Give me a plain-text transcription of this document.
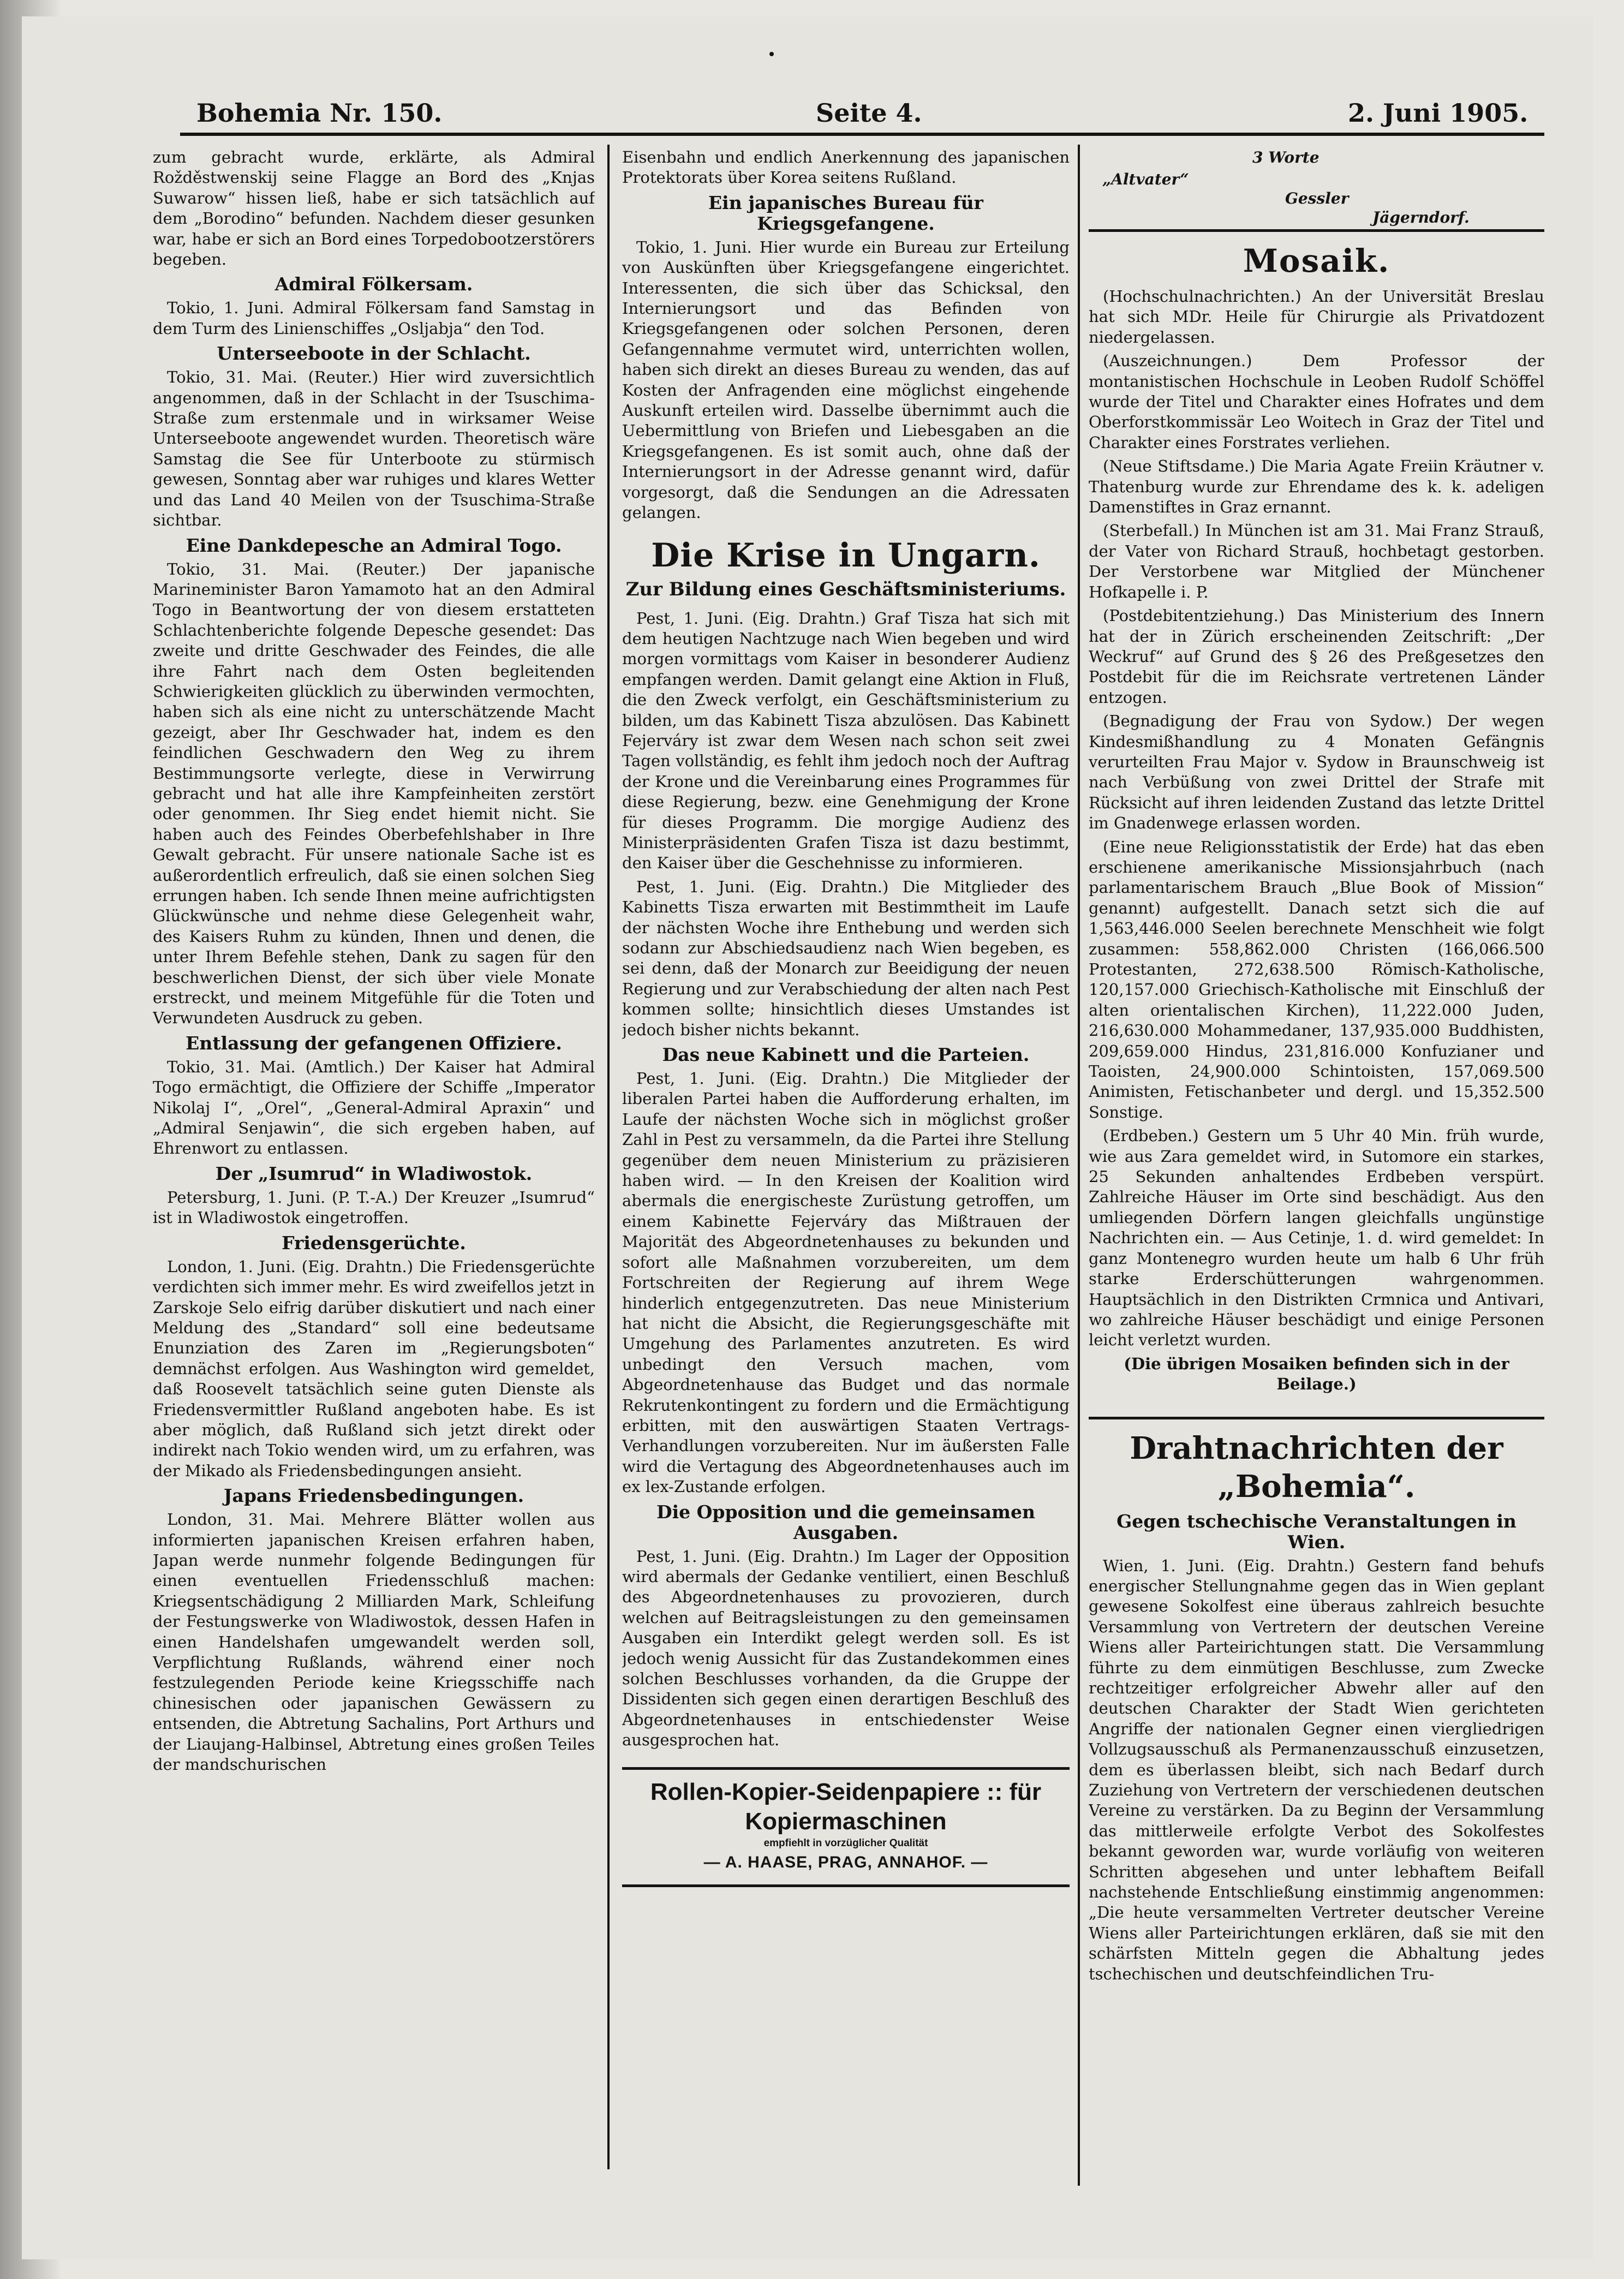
Bohemia Nr. 150.	Seite 4.	2. Juni 1905.

zum gebracht wurde, erklärte, als Admiral Rožděstwenskij seine Flagge an Bord des „Knjas Suwarow“ hissen ließ, habe er sich tatsächlich auf dem „Borodino“ befunden. Nachdem dieser gesunken war, habe er sich an Bord eines Torpedobootzerstörers begeben.

Admiral Fölkersam.

Tokio, 1. Juni. Admiral Fölkersam fand Samstag in dem Turm des Linienschiffes „Osljabja“ den Tod.

Unterseeboote in der Schlacht.

Tokio, 31. Mai. (Reuter.) Hier wird zuversichtlich angenommen, daß in der Schlacht in der Tsuschima-Straße zum erstenmale und in wirksamer Weise Unterseeboote angewendet wurden. Theoretisch wäre Samstag die See für Unterboote zu stürmisch gewesen, Sonntag aber war ruhiges und klares Wetter und das Land 40 Meilen von der Tsuschima-Straße sichtbar.

Eine Dankdepesche an Admiral Togo.

Tokio, 31. Mai. (Reuter.) Der japanische Marineminister Baron Yamamoto hat an den Admiral Togo in Beantwortung der von diesem erstatteten Schlachtenberichte folgende Depesche gesendet: Das zweite und dritte Geschwader des Feindes, die alle ihre Fahrt nach dem Osten begleitenden Schwierigkeiten glücklich zu überwinden vermochten, haben sich als eine nicht zu unterschätzende Macht gezeigt, aber Ihr Geschwader hat, indem es den feindlichen Geschwadern den Weg zu ihrem Bestimmungsorte verlegte, diese in Verwirrung gebracht und hat alle ihre Kampfeinheiten zerstört oder genommen. Ihr Sieg endet hiemit nicht. Sie haben auch des Feindes Oberbefehlshaber in Ihre Gewalt gebracht. Für unsere nationale Sache ist es außerordentlich erfreulich, daß sie einen solchen Sieg errungen haben. Ich sende Ihnen meine aufrichtigsten Glückwünsche und nehme diese Gelegenheit wahr, des Kaisers Ruhm zu künden, Ihnen und denen, die unter Ihrem Befehle stehen, Dank zu sagen für den beschwerlichen Dienst, der sich über viele Monate erstreckt, und meinem Mitgefühle für die Toten und Verwundeten Ausdruck zu geben.

Entlassung der gefangenen Offiziere.

Tokio, 31. Mai. (Amtlich.) Der Kaiser hat Admiral Togo ermächtigt, die Offiziere der Schiffe „Imperator Nikolaj I“, „Orel“, „General-Admiral Apraxin“ und „Admiral Senjawin“, die sich ergeben haben, auf Ehrenwort zu entlassen.

Der „Isumrud“ in Wladiwostok.

Petersburg, 1. Juni. (P. T.-A.) Der Kreuzer „Isumrud“ ist in Wladiwostok eingetroffen.

Friedensgerüchte.

London, 1. Juni. (Eig. Drahtn.) Die Friedensgerüchte verdichten sich immer mehr. Es wird zweifellos jetzt in Zarskoje Selo eifrig darüber diskutiert und nach einer Meldung des „Standard“ soll eine bedeutsame Enunziation des Zaren im „Regierungsboten“ demnächst erfolgen. Aus Washington wird gemeldet, daß Roosevelt tatsächlich seine guten Dienste als Friedensvermittler Rußland angeboten habe. Es ist aber möglich, daß Rußland sich jetzt direkt oder indirekt nach Tokio wenden wird, um zu erfahren, was der Mikado als Friedensbedingungen ansieht.

Japans Friedensbedingungen.

London, 31. Mai. Mehrere Blätter wollen aus informierten japanischen Kreisen erfahren haben, Japan werde nunmehr folgende Bedingungen für einen eventuellen Friedensschluß machen: Kriegsentschädigung 2 Milliarden Mark, Schleifung der Festungswerke von Wladiwostok, dessen Hafen in einen Handelshafen umgewandelt werden soll, Verpflichtung Rußlands, während einer noch festzulegenden Periode keine Kriegsschiffe nach chinesischen oder japanischen Gewässern zu entsenden, die Abtretung Sachalins, Port Arthurs und der Liaujang-Halbinsel, Abtretung eines großen Teiles der mandschurischen

Eisenbahn und endlich Anerkennung des japanischen Protektorats über Korea seitens Rußland.

Ein japanisches Bureau für Kriegsgefangene.

Tokio, 1. Juni. Hier wurde ein Bureau zur Erteilung von Auskünften über Kriegsgefangene eingerichtet. Interessenten, die sich über das Schicksal, den Internierungsort und das Befinden von Kriegsgefangenen oder solchen Personen, deren Gefangennahme vermutet wird, unterrichten wollen, haben sich direkt an dieses Bureau zu wenden, das auf Kosten der Anfragenden eine möglichst eingehende Auskunft erteilen wird. Dasselbe übernimmt auch die Uebermittlung von Briefen und Liebesgaben an die Kriegsgefangenen. Es ist somit auch, ohne daß der Internierungsort in der Adresse genannt wird, dafür vorgesorgt, daß die Sendungen an die Adressaten gelangen.

Die Krise in Ungarn.
Zur Bildung eines Geschäftsministeriums.

Pest, 1. Juni. (Eig. Drahtn.) Graf Tisza hat sich mit dem heutigen Nachtzuge nach Wien begeben und wird morgen vormittags vom Kaiser in besonderer Audienz empfangen werden. Damit gelangt eine Aktion in Fluß, die den Zweck verfolgt, ein Geschäftsministerium zu bilden, um das Kabinett Tisza abzulösen. Das Kabinett Fejerváry ist zwar dem Wesen nach schon seit zwei Tagen vollständig, es fehlt ihm jedoch noch der Auftrag der Krone und die Vereinbarung eines Programmes für diese Regierung, bezw. eine Genehmigung der Krone für dieses Programm. Die morgige Audienz des Ministerpräsidenten Grafen Tisza ist dazu bestimmt, den Kaiser über die Geschehnisse zu informieren.

Pest, 1. Juni. (Eig. Drahtn.) Die Mitglieder des Kabinetts Tisza erwarten mit Bestimmtheit im Laufe der nächsten Woche ihre Enthebung und werden sich sodann zur Abschiedsaudienz nach Wien begeben, es sei denn, daß der Monarch zur Beeidigung der neuen Regierung und zur Verabschiedung der alten nach Pest kommen sollte; hinsichtlich dieses Umstandes ist jedoch bisher nichts bekannt.

Das neue Kabinett und die Parteien.

Pest, 1. Juni. (Eig. Drahtn.) Die Mitglieder der liberalen Partei haben die Aufforderung erhalten, im Laufe der nächsten Woche sich in möglichst großer Zahl in Pest zu versammeln, da die Partei ihre Stellung gegenüber dem neuen Ministerium zu präzisieren haben wird. — In den Kreisen der Koalition wird abermals die energischeste Zurüstung getroffen, um einem Kabinette Fejerváry das Mißtrauen der Majorität des Abgeordnetenhauses zu bekunden und sofort alle Maßnahmen vorzubereiten, um dem Fortschreiten der Regierung auf ihrem Wege hinderlich entgegenzutreten. Das neue Ministerium hat nicht die Absicht, die Regierungsgeschäfte mit Umgehung des Parlamentes anzutreten. Es wird unbedingt den Versuch machen, vom Abgeordnetenhause das Budget und das normale Rekrutenkontingent zu fordern und die Ermächtigung erbitten, mit den auswärtigen Staaten Vertrags-Verhandlungen vorzubereiten. Nur im äußersten Falle wird die Vertagung des Abgeordnetenhauses auch im ex lex-Zustande erfolgen.

Die Opposition und die gemeinsamen Ausgaben.

Pest, 1. Juni. (Eig. Drahtn.) Im Lager der Opposition wird abermals der Gedanke ventiliert, einen Beschluß des Abgeordnetenhauses zu provozieren, durch welchen auf Beitragsleistungen zu den gemeinsamen Ausgaben ein Interdikt gelegt werden soll. Es ist jedoch wenig Aussicht für das Zustandekommen eines solchen Beschlusses vorhanden, da die Gruppe der Dissidenten sich gegen einen derartigen Beschluß des Abgeordnetenhauses in entschiedenster Weise ausgesprochen hat.

Rollen-Kopier-Seidenpapiere :: für Kopiermaschinen
empfiehlt in vorzüglicher Qualität
— A. HAASE, PRAG, ANNAHOF. —
3 Worte
„Altvater“
Gessler
Jägerndorf.
Mosaik.

(Hochschulnachrichten.) An der Universität Breslau hat sich MDr. Heile für Chirurgie als Privatdozent niedergelassen.

(Auszeichnungen.) Dem Professor der montanistischen Hochschule in Leoben Rudolf Schöffel wurde der Titel und Charakter eines Hofrates und dem Oberforstkommissär Leo Woitech in Graz der Titel und Charakter eines Forstrates verliehen.

(Neue Stiftsdame.) Die Maria Agate Freiin Kräutner v. Thatenburg wurde zur Ehrendame des k. k. adeligen Damenstiftes in Graz ernannt.

(Sterbefall.) In München ist am 31. Mai Franz Strauß, der Vater von Richard Strauß, hochbetagt gestorben. Der Verstorbene war Mitglied der Münchener Hofkapelle i. P.

(Postdebitentziehung.) Das Ministerium des Innern hat der in Zürich erscheinenden Zeitschrift: „Der Weckruf“ auf Grund des § 26 des Preßgesetzes den Postdebit für die im Reichsrate vertretenen Länder entzogen.

(Begnadigung der Frau von Sydow.) Der wegen Kindesmißhandlung zu 4 Monaten Gefängnis verurteilten Frau Major v. Sydow in Braunschweig ist nach Verbüßung von zwei Drittel der Strafe mit Rücksicht auf ihren leidenden Zustand das letzte Drittel im Gnadenwege erlassen worden.

(Eine neue Religionsstatistik der Erde) hat das eben erschienene amerikanische Missionsjahrbuch (nach parlamentarischem Brauch „Blue Book of Mission“ genannt) aufgestellt. Danach setzt sich die auf 1,563,446.000 Seelen berechnete Menschheit wie folgt zusammen: 558,862.000 Christen (166,066.500 Protestanten, 272,638.500 Römisch-Katholische, 120,157.000 Griechisch-Katholische mit Einschluß der alten orientalischen Kirchen), 11,222.000 Juden, 216,630.000 Mohammedaner, 137,935.000 Buddhisten, 209,659.000 Hindus, 231,816.000 Konfuzianer und Taoisten, 24,900.000 Schintoisten, 157,069.500 Animisten, Fetischanbeter und dergl. und 15,352.500 Sonstige.

(Erdbeben.) Gestern um 5 Uhr 40 Min. früh wurde, wie aus Zara gemeldet wird, in Sutomore ein starkes, 25 Sekunden anhaltendes Erdbeben verspürt. Zahlreiche Häuser im Orte sind beschädigt. Aus den umliegenden Dörfern langen gleichfalls ungünstige Nachrichten ein. — Aus Cetinje, 1. d. wird gemeldet: In ganz Montenegro wurden heute um halb 6 Uhr früh starke Erderschütterungen wahrgenommen. Hauptsächlich in den Distrikten Crmnica und Antivari, wo zahlreiche Häuser beschädigt und einige Personen leicht verletzt wurden.

(Die übrigen Mosaiken befinden sich in der Beilage.)
Drahtnachrichten der „Bohemia“.
Gegen tschechische Veranstaltungen in Wien.

Wien, 1. Juni. (Eig. Drahtn.) Gestern fand behufs energischer Stellungnahme gegen das in Wien geplant gewesene Sokolfest eine überaus zahlreich besuchte Versammlung von Vertretern der deutschen Vereine Wiens aller Parteirichtungen statt. Die Versammlung führte zu dem einmütigen Beschlusse, zum Zwecke rechtzeitiger erfolgreicher Abwehr aller auf den deutschen Charakter der Stadt Wien gerichteten Angriffe der nationalen Gegner einen viergliedrigen Vollzugsausschuß als Permanenzausschuß einzusetzen, dem es überlassen bleibt, sich nach Bedarf durch Zuziehung von Vertretern der verschiedenen deutschen Vereine zu verstärken. Da zu Beginn der Versammlung das mittlerweile erfolgte Verbot des Sokolfestes bekannt geworden war, wurde vorläufig von weiteren Schritten abgesehen und unter lebhaftem Beifall nachstehende Entschließung einstimmig angenommen: „Die heute versammelten Vertreter deutscher Vereine Wiens aller Parteirichtungen erklären, daß sie mit den schärfsten Mitteln gegen die Abhaltung jedes tschechischen und deutschfeindlichen Tru-
